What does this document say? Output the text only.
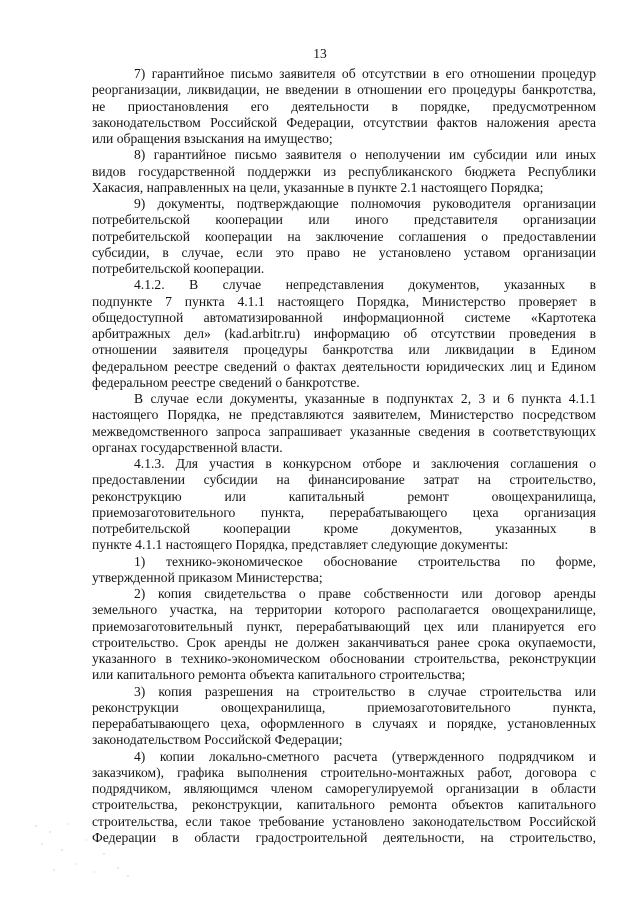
13
7) гарантийное письмо заявителя об отсутствии в его отношении процедур
реорганизации, ликвидации, не введении в отношении его процедуры банкротства,
не приостановления его деятельности в порядке, предусмотренном
законодательством Российской Федерации, отсутствии фактов наложения ареста
или обращения взыскания на имущество;
8) гарантийное письмо заявителя о неполучении им субсидии или иных
видов государственной поддержки из республиканского бюджета Республики
Хакасия, направленных на цели, указанные в пункте 2.1 настоящего Порядка;
9) документы, подтверждающие полномочия руководителя организации
потребительской кооперации или иного представителя организации
потребительской кооперации на заключение соглашения о предоставлении
субсидии, в случае, если это право не установлено уставом организации
потребительской кооперации.
4.1.2. В случае непредставления документов, указанных в
подпункте 7 пункта 4.1.1 настоящего Порядка, Министерство проверяет в
общедоступной автоматизированной информационной системе «Картотека
арбитражных дел» (kad.arbitr.ru) информацию об отсутствии проведения в
отношении заявителя процедуры банкротства или ликвидации в Едином
федеральном реестре сведений о фактах деятельности юридических лиц и Едином
федеральном реестре сведений о банкротстве.
В случае если документы, указанные в подпунктах 2, 3 и 6 пункта 4.1.1
настоящего Порядка, не представляются заявителем, Министерство посредством
межведомственного запроса запрашивает указанные сведения в соответствующих
органах государственной власти.
4.1.3. Для участия в конкурсном отборе и заключения соглашения о
предоставлении субсидии на финансирование затрат на строительство,
реконструкцию или капитальный ремонт овощехранилища,
приемозаготовительного пункта, перерабатывающего цеха организация
потребительской кооперации кроме документов, указанных в
пункте 4.1.1 настоящего Порядка, представляет следующие документы:
1) технико-экономическое обоснование строительства по форме,
утвержденной приказом Министерства;
2) копия свидетельства о праве собственности или договор аренды
земельного участка, на территории которого располагается овощехранилище,
приемозаготовительный пункт, перерабатывающий цех или планируется его
строительство. Срок аренды не должен заканчиваться ранее срока окупаемости,
указанного в технико-экономическом обосновании строительства, реконструкции
или капитального ремонта объекта капитального строительства;
3) копия разрешения на строительство в случае строительства или
реконструкции овощехранилища, приемозаготовительного пункта,
перерабатывающего цеха, оформленного в случаях и порядке, установленных
законодательством Российской Федерации;
4) копии локально-сметного расчета (утвержденного подрядчиком и
заказчиком), графика выполнения строительно-монтажных работ, договора с
подрядчиком, являющимся членом саморегулируемой организации в области
строительства, реконструкции, капитального ремонта объектов капитального
строительства, если такое требование установлено законодательством Российской
Федерации в области градостроительной деятельности, на строительство,
